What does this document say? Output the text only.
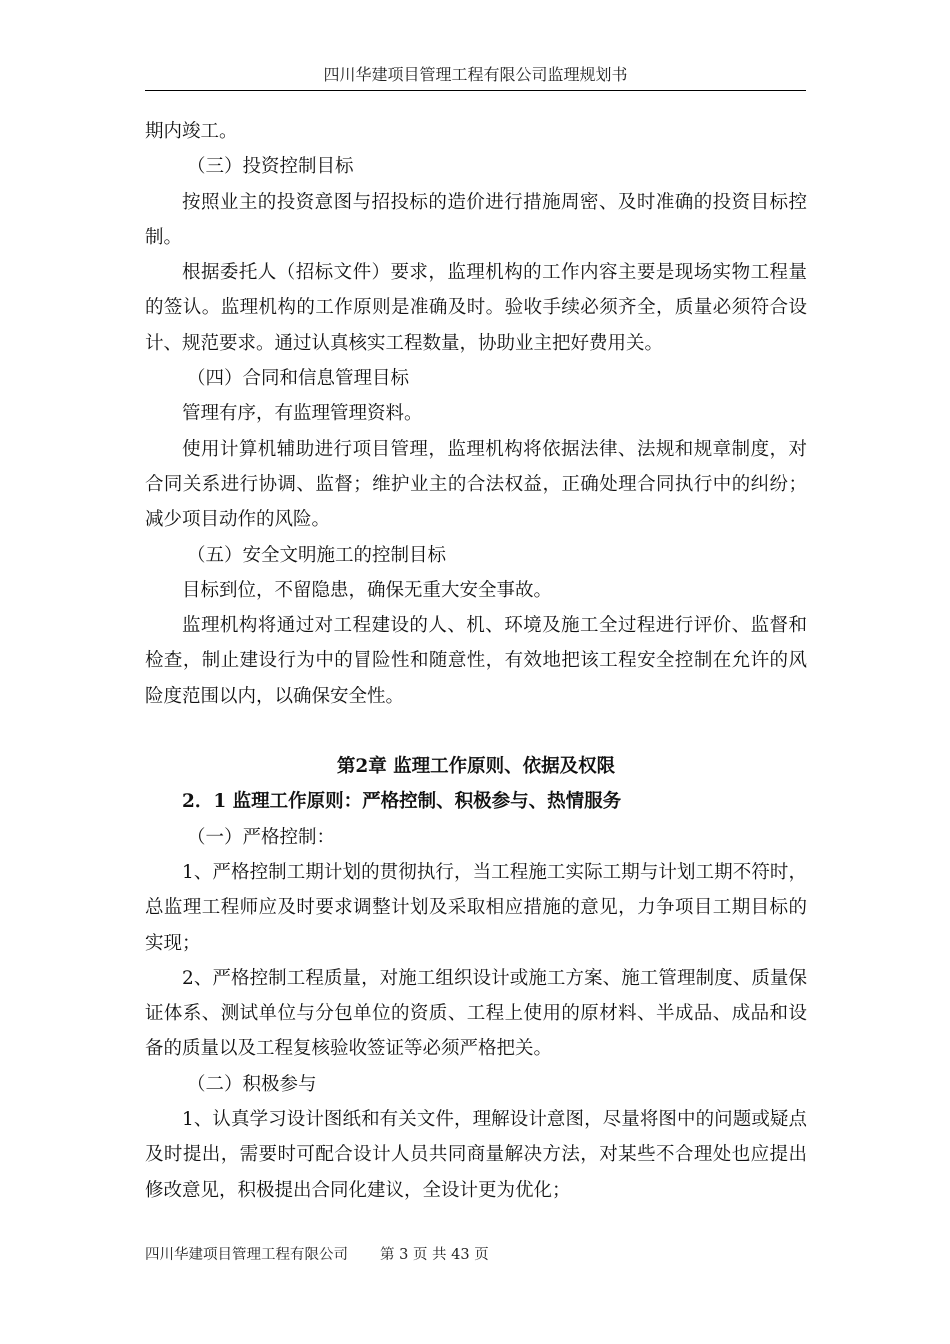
四川华建项目管理工程有限公司监理规划书

期内竣工。

（三）投资控制目标

按照业主的投资意图与招投标的造价进行措施周密、及时准确的投资目标控制。

根据委托人（招标文件）要求，监理机构的工作内容主要是现场实物工程量的签认。监理机构的工作原则是准确及时。验收手续必须齐全，质量必须符合设计、规范要求。通过认真核实工程数量，协助业主把好费用关。

（四）合同和信息管理目标

管理有序，有监理管理资料。

使用计算机辅助进行项目管理，监理机构将依据法律、法规和规章制度，对合同关系进行协调、监督；维护业主的合法权益，正确处理合同执行中的纠纷；减少项目动作的风险。

（五）安全文明施工的控制目标

目标到位，不留隐患，确保无重大安全事故。

监理机构将通过对工程建设的人、机、环境及施工全过程进行评价、监督和检查，制止建设行为中的冒险性和随意性，有效地把该工程安全控制在允许的风险度范围以内，以确保安全性。

第2章 监理工作原则、依据及权限

2．1 监理工作原则：严格控制、积极参与、热情服务

（一）严格控制：

1、严格控制工期计划的贯彻执行，当工程施工实际工期与计划工期不符时，总监理工程师应及时要求调整计划及采取相应措施的意见，力争项目工期目标的实现；

2、严格控制工程质量，对施工组织设计或施工方案、施工管理制度、质量保证体系、测试单位与分包单位的资质、工程上使用的原材料、半成品、成品和设备的质量以及工程复核验收签证等必须严格把关。

（二）积极参与

1、认真学习设计图纸和有关文件，理解设计意图，尽量将图中的问题或疑点及时提出，需要时可配合设计人员共同商量解决方法，对某些不合理处也应提出修改意见，积极提出合同化建议，全设计更为优化；

四川华建项目管理工程有限公司 第 3 页 共 43 页
